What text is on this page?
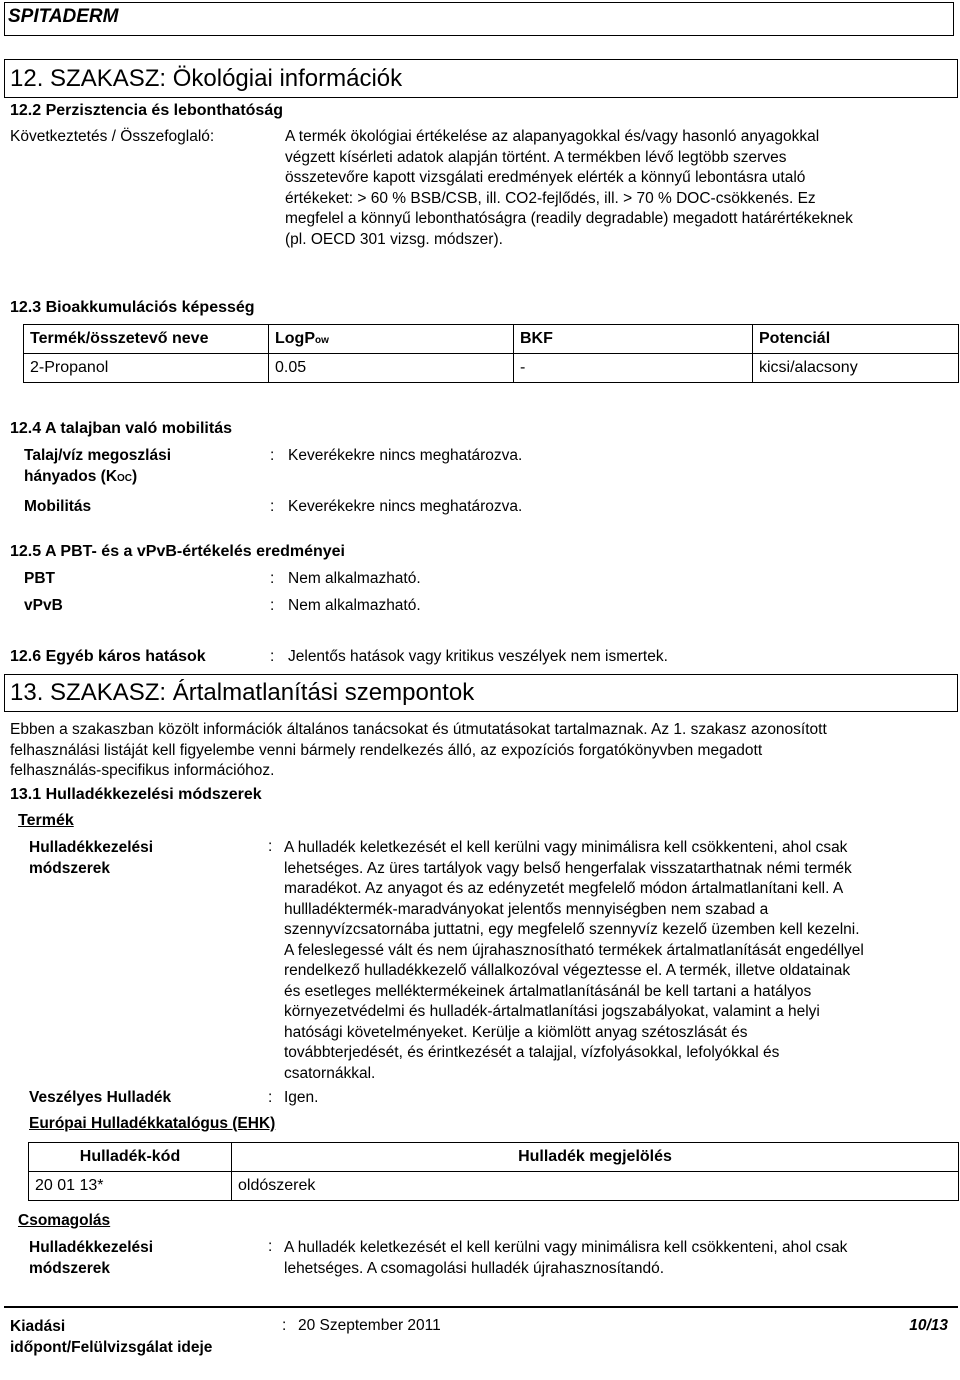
SPITADERM
12. SZAKASZ: Ökológiai információk
12.2 Perzisztencia és lebonthatóság
Következtetés / Összefoglaló:	A termék ökológiai értékelése az alapanyagokkal és/vagy hasonló anyagokkal
végzett kísérleti adatok alapján történt. A termékben lévő legtöbb szerves
összetevőre kapott vizsgálati eredmények elérték a könnyű lebontásra utaló
értékeket: > 60 % BSB/CSB, ill. CO2-fejlődés, ill. > 70 % DOC-csökkenés. Ez
megfelel a könnyű lebonthatóságra (readily degradable) megadott határértékeknek
(pl. OECD 301 vizsg. módszer).
12.3 Bioakkumulációs képesség
Termék/összetevő neve	LogPow	BKF	Potenciál
2-Propanol	0.05	-	kicsi/alacsony
12.4 A talajban való mobilitás
Talaj/víz megoszlási
hányados (KOC)
: Keverékekre nincs meghatározva.
Mobilitás	: Keverékekre nincs meghatározva.
12.5 A PBT- és a vPvB-értékelés eredményei
PBT	: Nem alkalmazható.
vPvB	: Nem alkalmazható.
12.6 Egyéb káros hatások	: Jelentős hatások vagy kritikus veszélyek nem ismertek.
13. SZAKASZ: Ártalmatlanítási szempontok
Ebben a szakaszban közölt információk általános tanácsokat és útmutatásokat tartalmaznak. Az 1. szakasz azonosított
felhasználási listáját kell figyelembe venni bármely rendelkezés álló, az expozíciós forgatókönyvben megadott
felhasználás-specifikus információhoz.
13.1 Hulladékkezelési módszerek
Termék
Hulladékkezelési
módszerek
: A hulladék keletkezését el kell kerülni vagy minimálisra kell csökkenteni, ahol csak
lehetséges. Az üres tartályok vagy belső hengerfalak visszatarthatnak némi termék
maradékot. Az anyagot és az edényzetét megfelelő módon ártalmatlanítani kell. A
hullladéktermék-maradványokat jelentős mennyiségben nem szabad a
szennyvízcsatornába juttatni, egy megfelelő szennyvíz kezelő üzemben kell kezelni.
A feleslegessé vált és nem újrahasznosítható termékek ártalmatlanítását engedéllyel
rendelkező hulladékkezelő vállalkozóval végeztesse el. A termék, illetve oldatainak
és esetleges melléktermékeinek ártalmatlanításánál be kell tartani a hatályos
környezetvédelmi és hulladék-ártalmatlanítási jogszabályokat, valamint a helyi
hatósági követelményeket. Kerülje a kiömlött anyag szétoszlását és
továbbterjedését, és érintkezését a talajjal, vízfolyásokkal, lefolyókkal és
csatornákkal.
Veszélyes Hulladék	: Igen.
Európai Hulladékkatalógus (EHK)
Hulladék-kód	Hulladék megjelölés
20 01 13*	oldószerek
Csomagolás
Hulladékkezelési
módszerek
: A hulladék keletkezését el kell kerülni vagy minimálisra kell csökkenteni, ahol csak
lehetséges. A csomagolási hulladék újrahasznosítandó.
Kiadási
időpont/Felülvizsgálat ideje
: 20 Szeptember 2011	10/13
